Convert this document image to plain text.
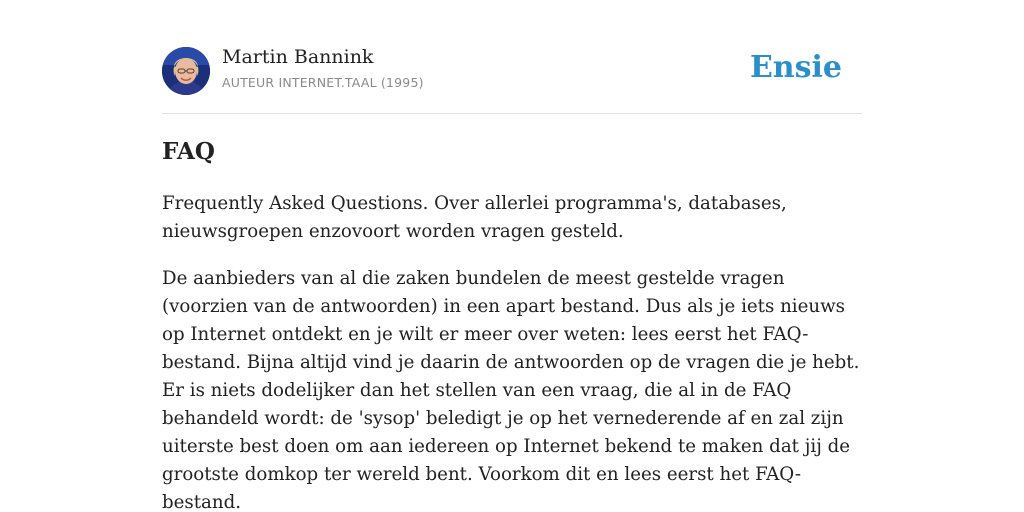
Martin Bannink
AUTEUR INTERNET.TAAL (1995)	Ensie
FAQ

Frequently Asked Questions. Over allerlei programma's, databases, nieuwsgroepen enzovoort worden vragen gesteld.

De aanbieders van al die zaken bundelen de meest gestelde vragen (voorzien van de antwoorden) in een apart bestand. Dus als je iets nieuws op Internet ontdekt en je wilt er meer over weten: lees eerst het FAQ-bestand. Bijna altijd vind je daarin de antwoorden op de vragen die je hebt. Er is niets dodelijker dan het stellen van een vraag, die al in de FAQ behandeld wordt: de 'sysop' beledigt je op het vernederende af en zal zijn uiterste best doen om aan iedereen op Internet bekend te maken dat jij de grootste domkop ter wereld bent. Voorkom dit en lees eerst het FAQ-bestand.
